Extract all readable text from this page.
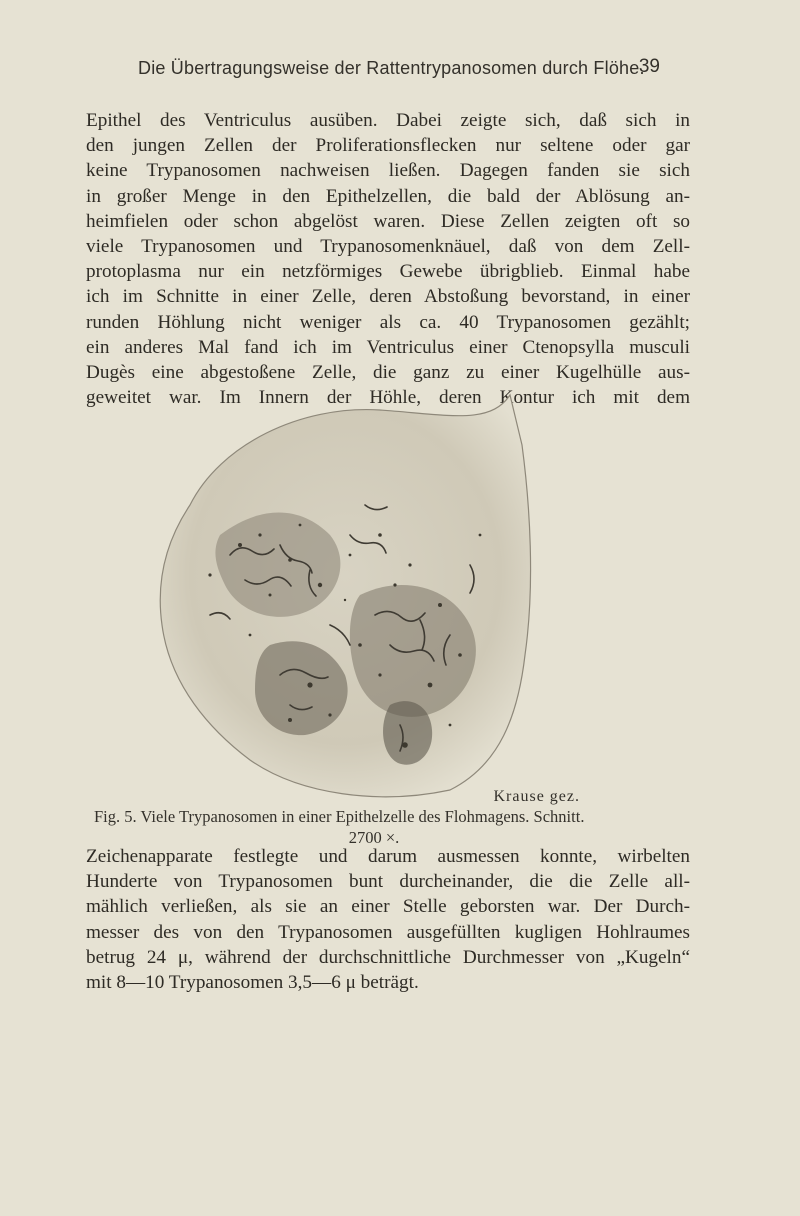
Die Übertragungsweise der Rattentrypanosomen durch Flöhe.
39
Epithel des Ventriculus ausüben. Dabei zeigte sich, daß sich in
den jungen Zellen der Proliferationsflecken nur seltene oder gar
keine Trypanosomen nachweisen ließen. Dagegen fanden sie sich
in großer Menge in den Epithelzellen, die bald der Ablösung an-
heimfielen oder schon abgelöst waren. Diese Zellen zeigten oft so
viele Trypanosomen und Trypanosomenknäuel, daß von dem Zell-
protoplasma nur ein netzförmiges Gewebe übrigblieb. Einmal habe
ich im Schnitte in einer Zelle, deren Abstoßung bevorstand, in einer
runden Höhlung nicht weniger als ca. 40 Trypanosomen gezählt;
ein anderes Mal fand ich im Ventriculus einer Ctenopsylla musculi
Dugès eine abgestoßene Zelle, die ganz zu einer Kugelhülle aus-
geweitet war. Im Innern der Höhle, deren Kontur ich mit dem
Krause gez.
Fig. 5. Viele Trypanosomen in einer Epithelzelle des Flohmagens. Schnitt.
2700 ×.
Zeichenapparate festlegte und darum ausmessen konnte, wirbelten
Hunderte von Trypanosomen bunt durcheinander, die die Zelle all-
mählich verließen, als sie an einer Stelle geborsten war. Der Durch-
messer des von den Trypanosomen ausgefüllten kugligen Hohlraumes
betrug 24 μ, während der durchschnittliche Durchmesser von „Kugeln“
mit 8—10 Trypanosomen 3,5—6 μ beträgt.
